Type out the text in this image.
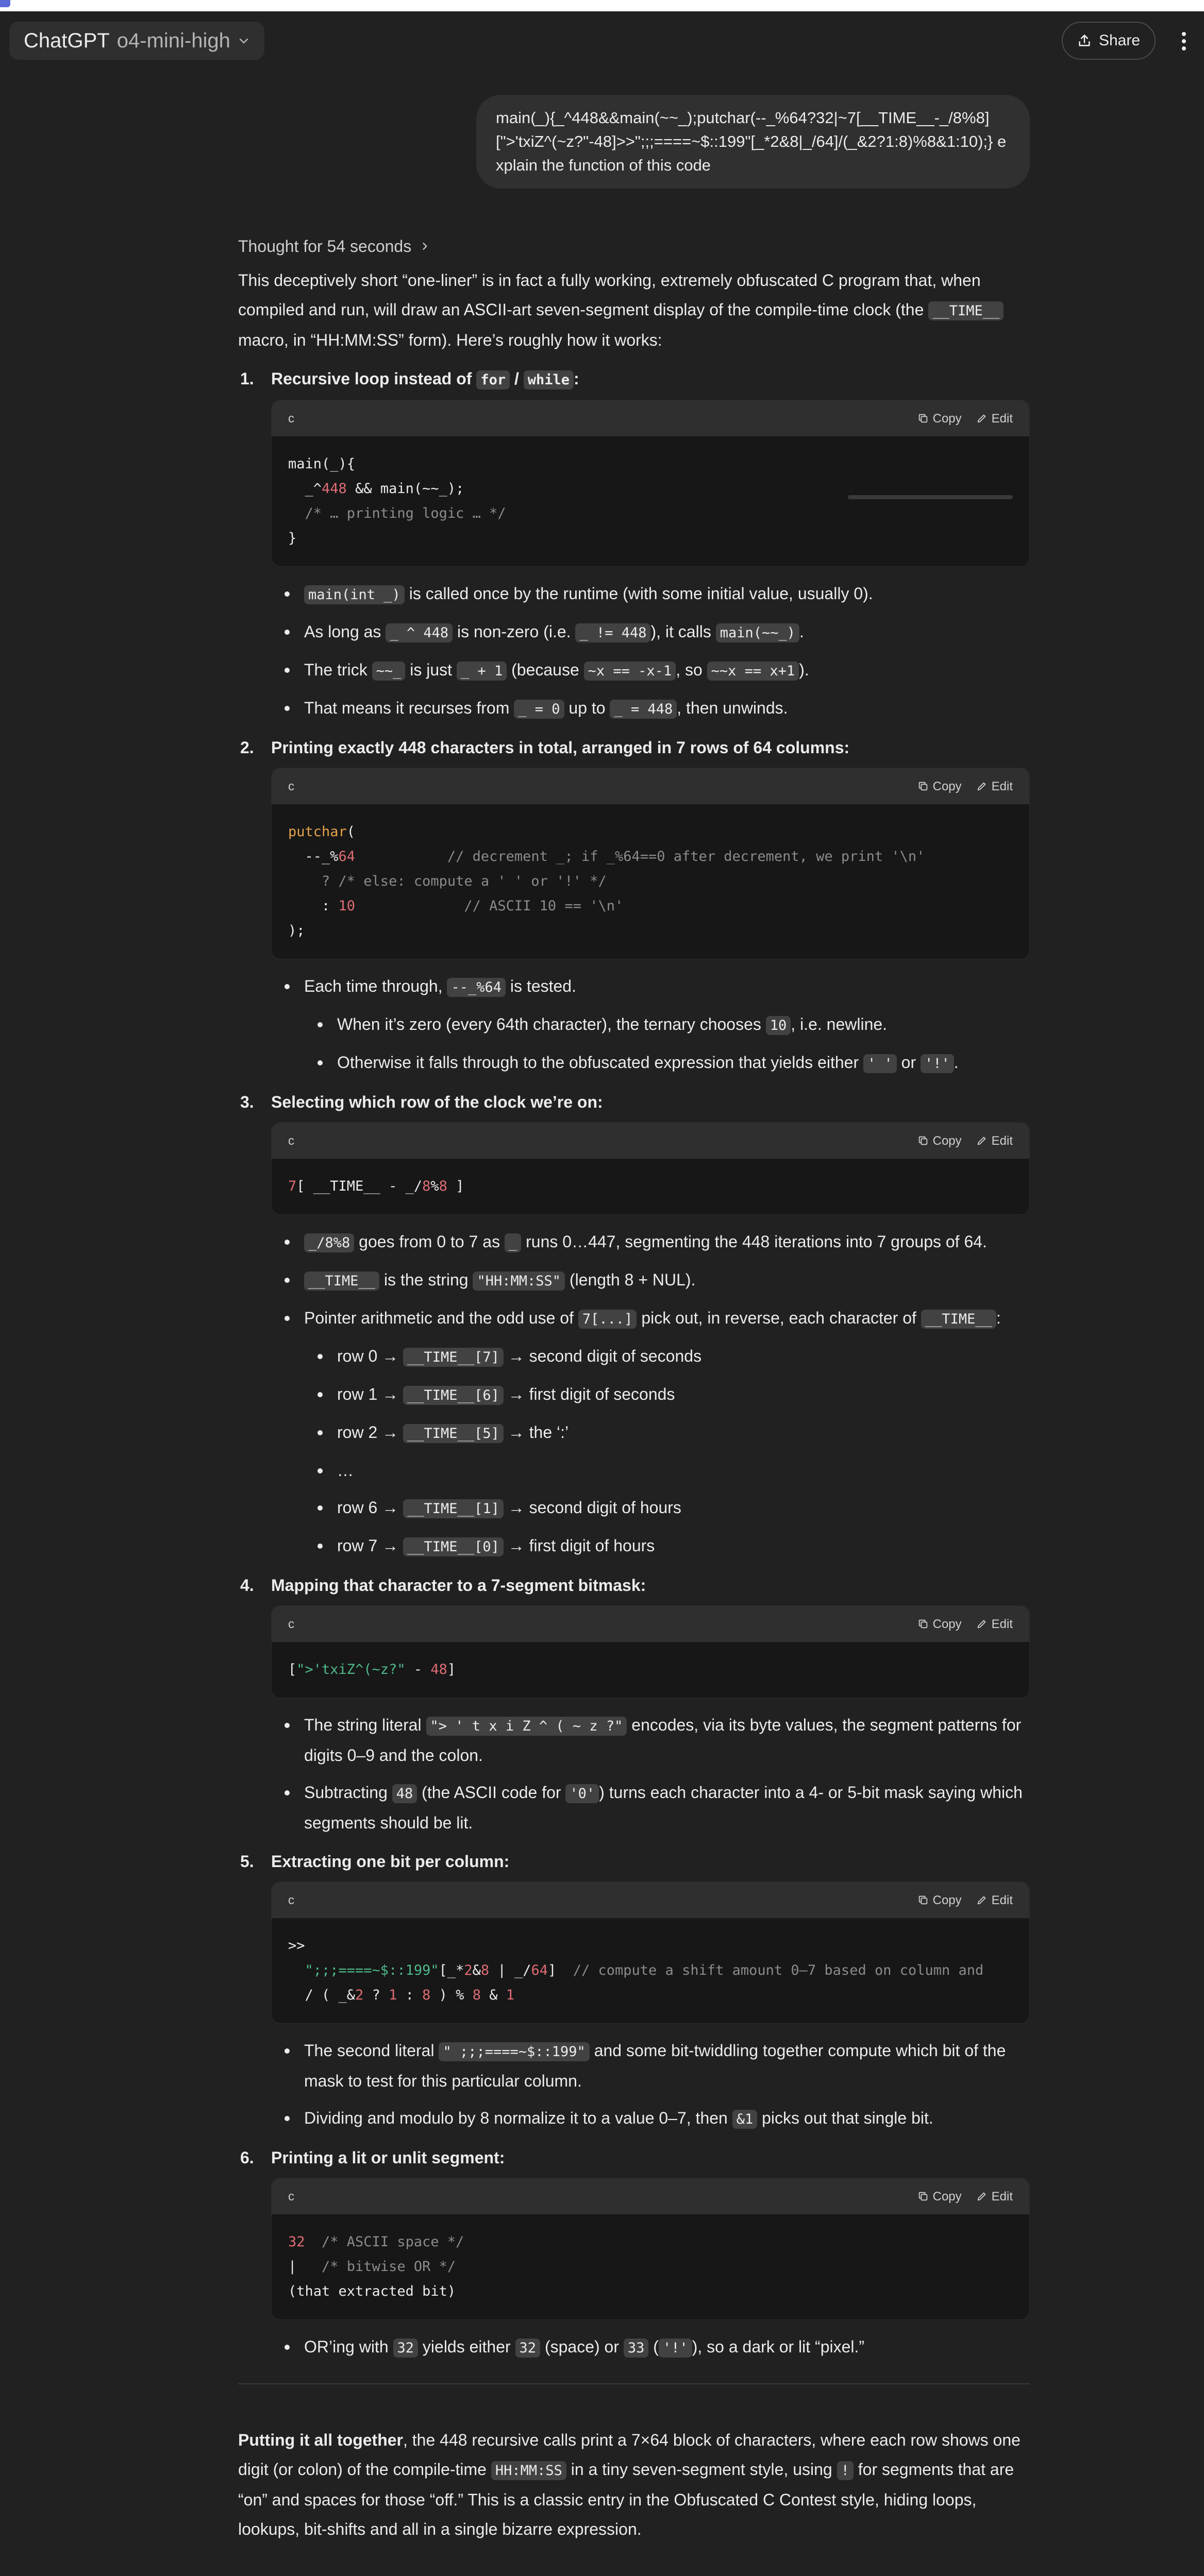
ChatGPT o4-mini-high	Share
main(_){_^448&&main(~~_);putchar(--_%64?32|~7[__TIME__-_/8%8][">'txiZ^(~z?"-48]>>";;;====~$::199"[_*2&8|_/64]/(_&2?1:8)%8&1:10);} explain the function of this code
Thought for 54 seconds

This deceptively short “one-liner” is in fact a fully working, extremely obfuscated C program that, when compiled and run, will draw an ASCII-art seven-segment display of the compile-time clock (the __TIME__ macro, in “HH:MM:SS” form). Here’s roughly how it works:

1. Recursive loop instead of for / while :
c	Copy Edit
main(_){
_^448 && main(~~_);
/* … printing logic … */
}
main(int _) is called once by the runtime (with some initial value, usually 0).
As long as _ ^ 448 is non-zero (i.e. _ != 448 ), it calls main(~~_) .
The trick ~~_ is just _ + 1 (because ~x == -x-1 , so ~~x == x+1 ).
That means it recurses from _ = 0 up to _ = 448 , then unwinds.
2. Printing exactly 448 characters in total, arranged in 7 rows of 64 columns:
c	Copy Edit
putchar(
--_%64           // decrement _; if _%64==0 after decrement, we print '\n'
? /* else: compute a ' ' or '!' */
: 10             // ASCII 10 == '\n'
);
Each time through, --_%64 is tested.
When it’s zero (every 64th character), the ternary chooses 10 , i.e. newline.
Otherwise it falls through to the obfuscated expression that yields either ' ' or '!' .
3. Selecting which row of the clock we’re on:
c	Copy Edit
7[ __TIME__ - _/8%8 ]
_/8%8 goes from 0 to 7 as _ runs 0…447, segmenting the 448 iterations into 7 groups of 64.
__TIME__ is the string "HH:MM:SS" (length 8 + NUL).
Pointer arithmetic and the odd use of 7[...] pick out, in reverse, each character of __TIME__ :
row 0 → __TIME__[7] → second digit of seconds
row 1 → __TIME__[6] → first digit of seconds
row 2 → __TIME__[5] → the ‘:’
…
row 6 → __TIME__[1] → second digit of hours
row 7 → __TIME__[0] → first digit of hours
4. Mapping that character to a 7-segment bitmask:
c	Copy Edit
[">'txiZ^(~z?" - 48]
The string literal "> ' t x i Z ^ ( ~ z ?" encodes, via its byte values, the segment patterns for digits 0–9 and the colon.
Subtracting 48 (the ASCII code for '0' ) turns each character into a 4- or 5-bit mask saying which segments should be lit.
5. Extracting one bit per column:
c	Copy Edit
>>
";;;====~$::199"[_*2&8 | _/64]  // compute a shift amount 0–7 based on column and
/ ( _&2 ? 1 : 8 ) % 8 & 1
The second literal " ;;;====~$::199" and some bit-twiddling together compute which bit of the mask to test for this particular column.
Dividing and modulo by 8 normalize it to a value 0–7, then &1 picks out that single bit.
6. Printing a lit or unlit segment:
c	Copy Edit
32  /* ASCII space */
|   /* bitwise OR */
(that extracted bit)
OR’ing with 32 yields either 32 (space) or 33 ( '!' ), so a dark or lit “pixel.”

Putting it all together, the 448 recursive calls print a 7×64 block of characters, where each row shows one digit (or colon) of the compile-time HH:MM:SS in a tiny seven-segment style, using ! for segments that are “on” and spaces for those “off.” This is a classic entry in the Obfuscated C Contest style, hiding loops, lookups, bit-shifts and all in a single bizarre expression.
